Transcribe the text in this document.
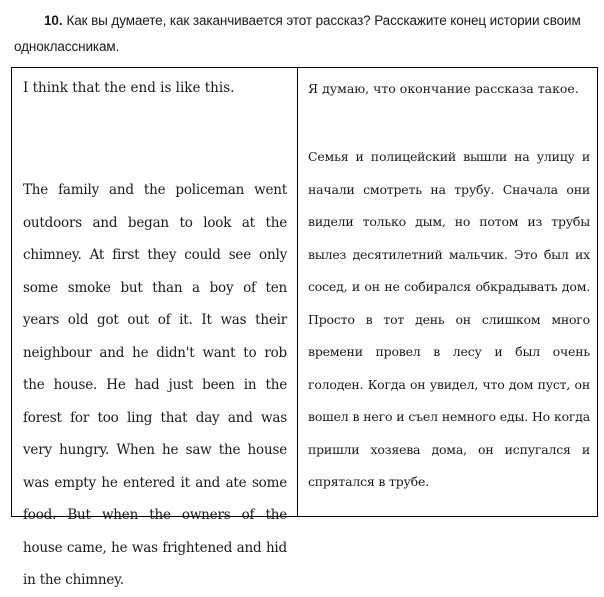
10. Как вы думаете, как заканчивается этот рассказ? Расскажите конец истории своим одноклассникам.
I think that the end is like this.
The family and the policeman went outdoors and began to look at the chimney. At first they could see only some smoke but than a boy of ten years old got out of it. It was their neighbour and he didn't want to rob the house. He had just been in the forest for too ling that day and was very hungry. When he saw the house was empty he entered it and ate some food. But when the owners of the house came, he was frightened and hid in the chimney.
Я думаю, что окончание рассказа такое.
Семья и полицейский вышли на улицу и начали смотреть на трубу. Сначала они видели только дым, но потом из трубы вылез десятилетний мальчик. Это был их сосед, и он не собирался обкрадывать дом. Просто в тот день он слишком много времени провел в лесу и был очень голоден. Когда он увидел, что дом пуст, он вошел в него и съел немного еды. Но когда пришли хозяева дома, он испугался и спрятался в трубе.
